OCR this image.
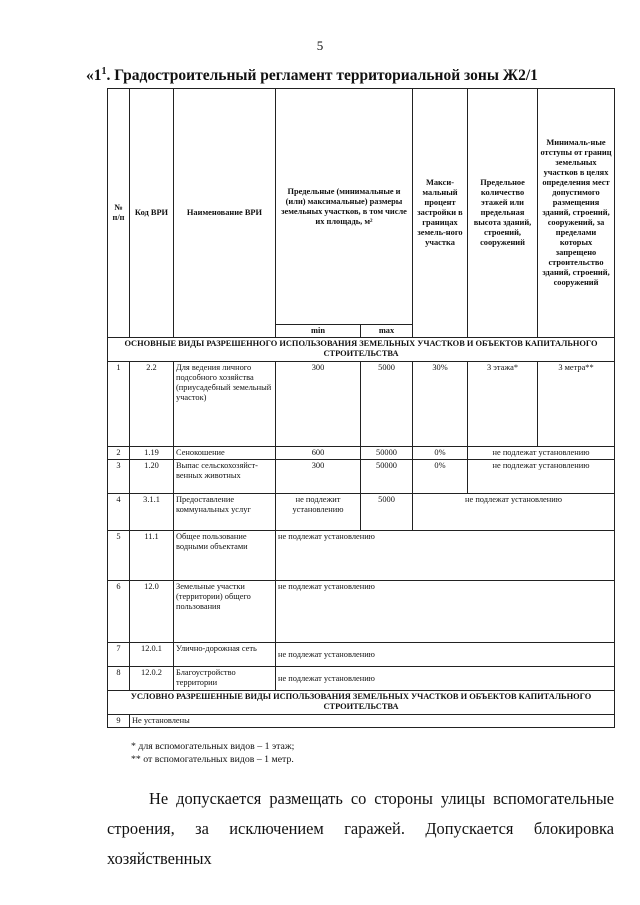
5
«$1^1$. Градостроительный регламент территориальной зоны Ж2/1
№ п/п	Код ВРИ	Наименование ВРИ	Предельные (минимальные и (или) максимальные) размеры земельных участков, в том числе их площадь, м²		Макси-мальный процент застройки в границах земель-ного участка	Предельное количество этажей или предельная высота зданий, строений, сооружений	Минималь-ные отступы от границ земельных участков в целях определения мест допустимого размещения зданий, строений, сооружений, за пределами которых запрещено строительство зданий, строений, сооружений
			min	max			
ОСНОВНЫЕ ВИДЫ РАЗРЕШЕННОГО ИСПОЛЬЗОВАНИЯ ЗЕМЕЛЬНЫХ УЧАСТКОВ И ОБЪЕКТОВ КАПИТАЛЬНОГО СТРОИТЕЛЬСТВА							
1	2.2	Для ведения личного подсобного хозяйства (приусадебный земельный участок)	300	5000	30%	3 этажа*	3 метра**
2	1.19	Сенокошение	600	50000	0%	не подлежат установлению	
3	1.20	Выпас сельскохозяйст-венных животных	300	50000	0%	не подлежат установлению	
4	3.1.1	Предоставление коммунальных услуг	не подлежит установлению	5000	не подлежат установлению		
5	11.1	Общее пользование водными объектами	не подлежат установлению				
6	12.0	Земельные участки (территории) общего пользования	не подлежат установлению				
7	12.0.1	Улично-дорожная сеть	не подлежат установлению				
8	12.0.2	Благоустройство территории	не подлежат установлению				
УСЛОВНО РАЗРЕШЕННЫЕ ВИДЫ ИСПОЛЬЗОВАНИЯ ЗЕМЕЛЬНЫХ УЧАСТКОВ И ОБЪЕКТОВ КАПИТАЛЬНОГО СТРОИТЕЛЬСТВА							
9	Не установлены						
* для вспомогательных видов – 1 этаж;
** от вспомогательных видов – 1 метр.

Не допускается размещать со стороны улицы вспомогательные

строения, за исключением гаражей. Допускается блокировка хозяйственных
